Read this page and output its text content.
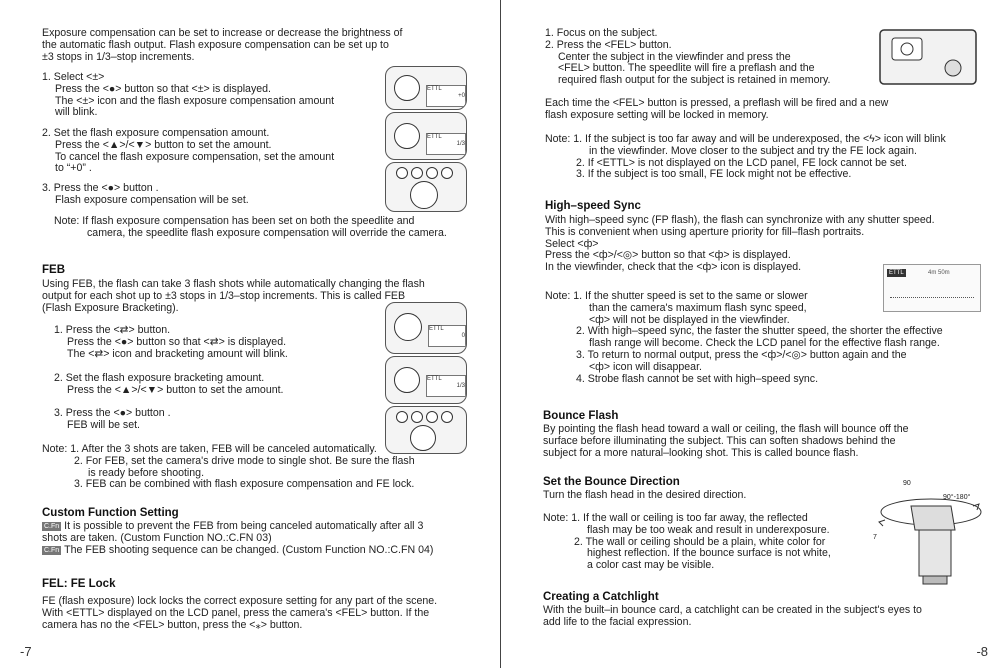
Exposure compensation can be set to increase or decrease the brightness of

the automatic flash output. Flash exposure compensation can be set up to

±3 stops in 1/3–stop increments.

1. Select <±>

Press the <●> button so that <±> is displayed.

The <±> icon and the flash exposure compensation amount

will blink.

2. Set the flash exposure compensation amount.

Press the <▲>/<▼> button to set the amount.

To cancel the flash exposure compensation, set the amount

to “+0” .

3. Press the <●> button .

Flash exposure compensation will be set.

Note: If flash exposure compensation has been set on both the speedlite and

camera, the speedlite flash exposure compensation will override the camera.

ETTL
+0
ETTL
1/3

FEB

Using FEB, the flash can take 3 flash shots while automatically changing the flash

output for each shot up to ±3 stops in 1/3–stop increments. This is called FEB

(Flash Exposure Bracketing).

1. Press the <⇄> button.

Press the <●> button so that <⇄> is displayed.

The <⇄> icon and bracketing amount will blink.

2. Set the flash exposure bracketing amount.

Press the <▲>/<▼> button to set the amount.

3. Press the <●> button .

FEB will be set.

ETTL
0
ETTL
1/3

Note: 1. After the 3 shots are taken, FEB will be canceled automatically.

2. For FEB, set the camera's drive mode to single shot. Be sure the flash

is ready before shooting.

3. FEB can be combined with flash exposure compensation and FE lock.

Custom Function Setting

C.Fn It is possible to prevent the FEB from being canceled automatically after all 3

shots are taken. (Custom Function NO.:C.FN 03)

C.Fn The FEB shooting sequence can be changed. (Custom Function NO.:C.FN 04)

FEL: FE Lock

FE (flash exposure) lock locks the correct exposure setting for any part of the scene.

With <ETTL> displayed on the LCD panel, press the camera's <FEL> button. If the

camera has no the <FEL> button, press the <⁎> button.

-7

1. Focus on the subject.

2. Press the <FEL> button.

Center the subject in the viewfinder and press the

<FEL> button. The speedlite will fire a preflash and the

required flash output for the subject is retained in memory.

Each time the <FEL> button is pressed, a preflash will be fired and a new

flash exposure setting will be locked in memory.

Note: 1. If the subject is too far away and will be underexposed, the <ϟ> icon will blink

in the viewfinder. Move closer to the subject and try the FE lock again.

2. If <ETTL> is not displayed on the LCD panel, FE lock cannot be set.

3. If the subject is too small, FE lock might not be effective.

High–speed Sync

With high–speed sync (FP flash), the flash can synchronize with any shutter speed.

This is convenient when using aperture priority for fill–flash portraits.

Select <ф>

Press the <ф>/<◎> button so that <ф> is displayed.

In the viewfinder, check that the <ф> icon is displayed.	ETTL	4m 50m

Note: 1. If the shutter speed is set to the same or slower

than the camera's maximum flash sync speed,

<ф> will not be displayed in the viewfinder.

2. With high–speed sync, the faster the shutter speed, the shorter the effective

flash range will become. Check the LCD panel for the effective flash range.

3. To return to normal output, press the <ф>/<◎> button again and the

<ф> icon will disappear.

4. Strobe flash cannot be set with high–speed sync.

Bounce Flash

By pointing the flash head toward a wall or ceiling, the flash will bounce off the

surface before illuminating the subject. This can soften shadows behind the

subject for a more natural–looking shot. This is called bounce flash.

Set the Bounce Direction

Turn the flash head in the desired direction.

Note: 1. If the wall or ceiling is too far away, the reflected

flash may be too weak and result in underexposure.

2. The wall or ceiling should be a plain, white color for

highest reflection. If the bounce surface is not white,

a color cast may be visible.

90
90°-180°
7

Creating a Catchlight

With the built–in bounce card, a catchlight can be created in the subject's eyes to

add life to the facial expression.

-8
